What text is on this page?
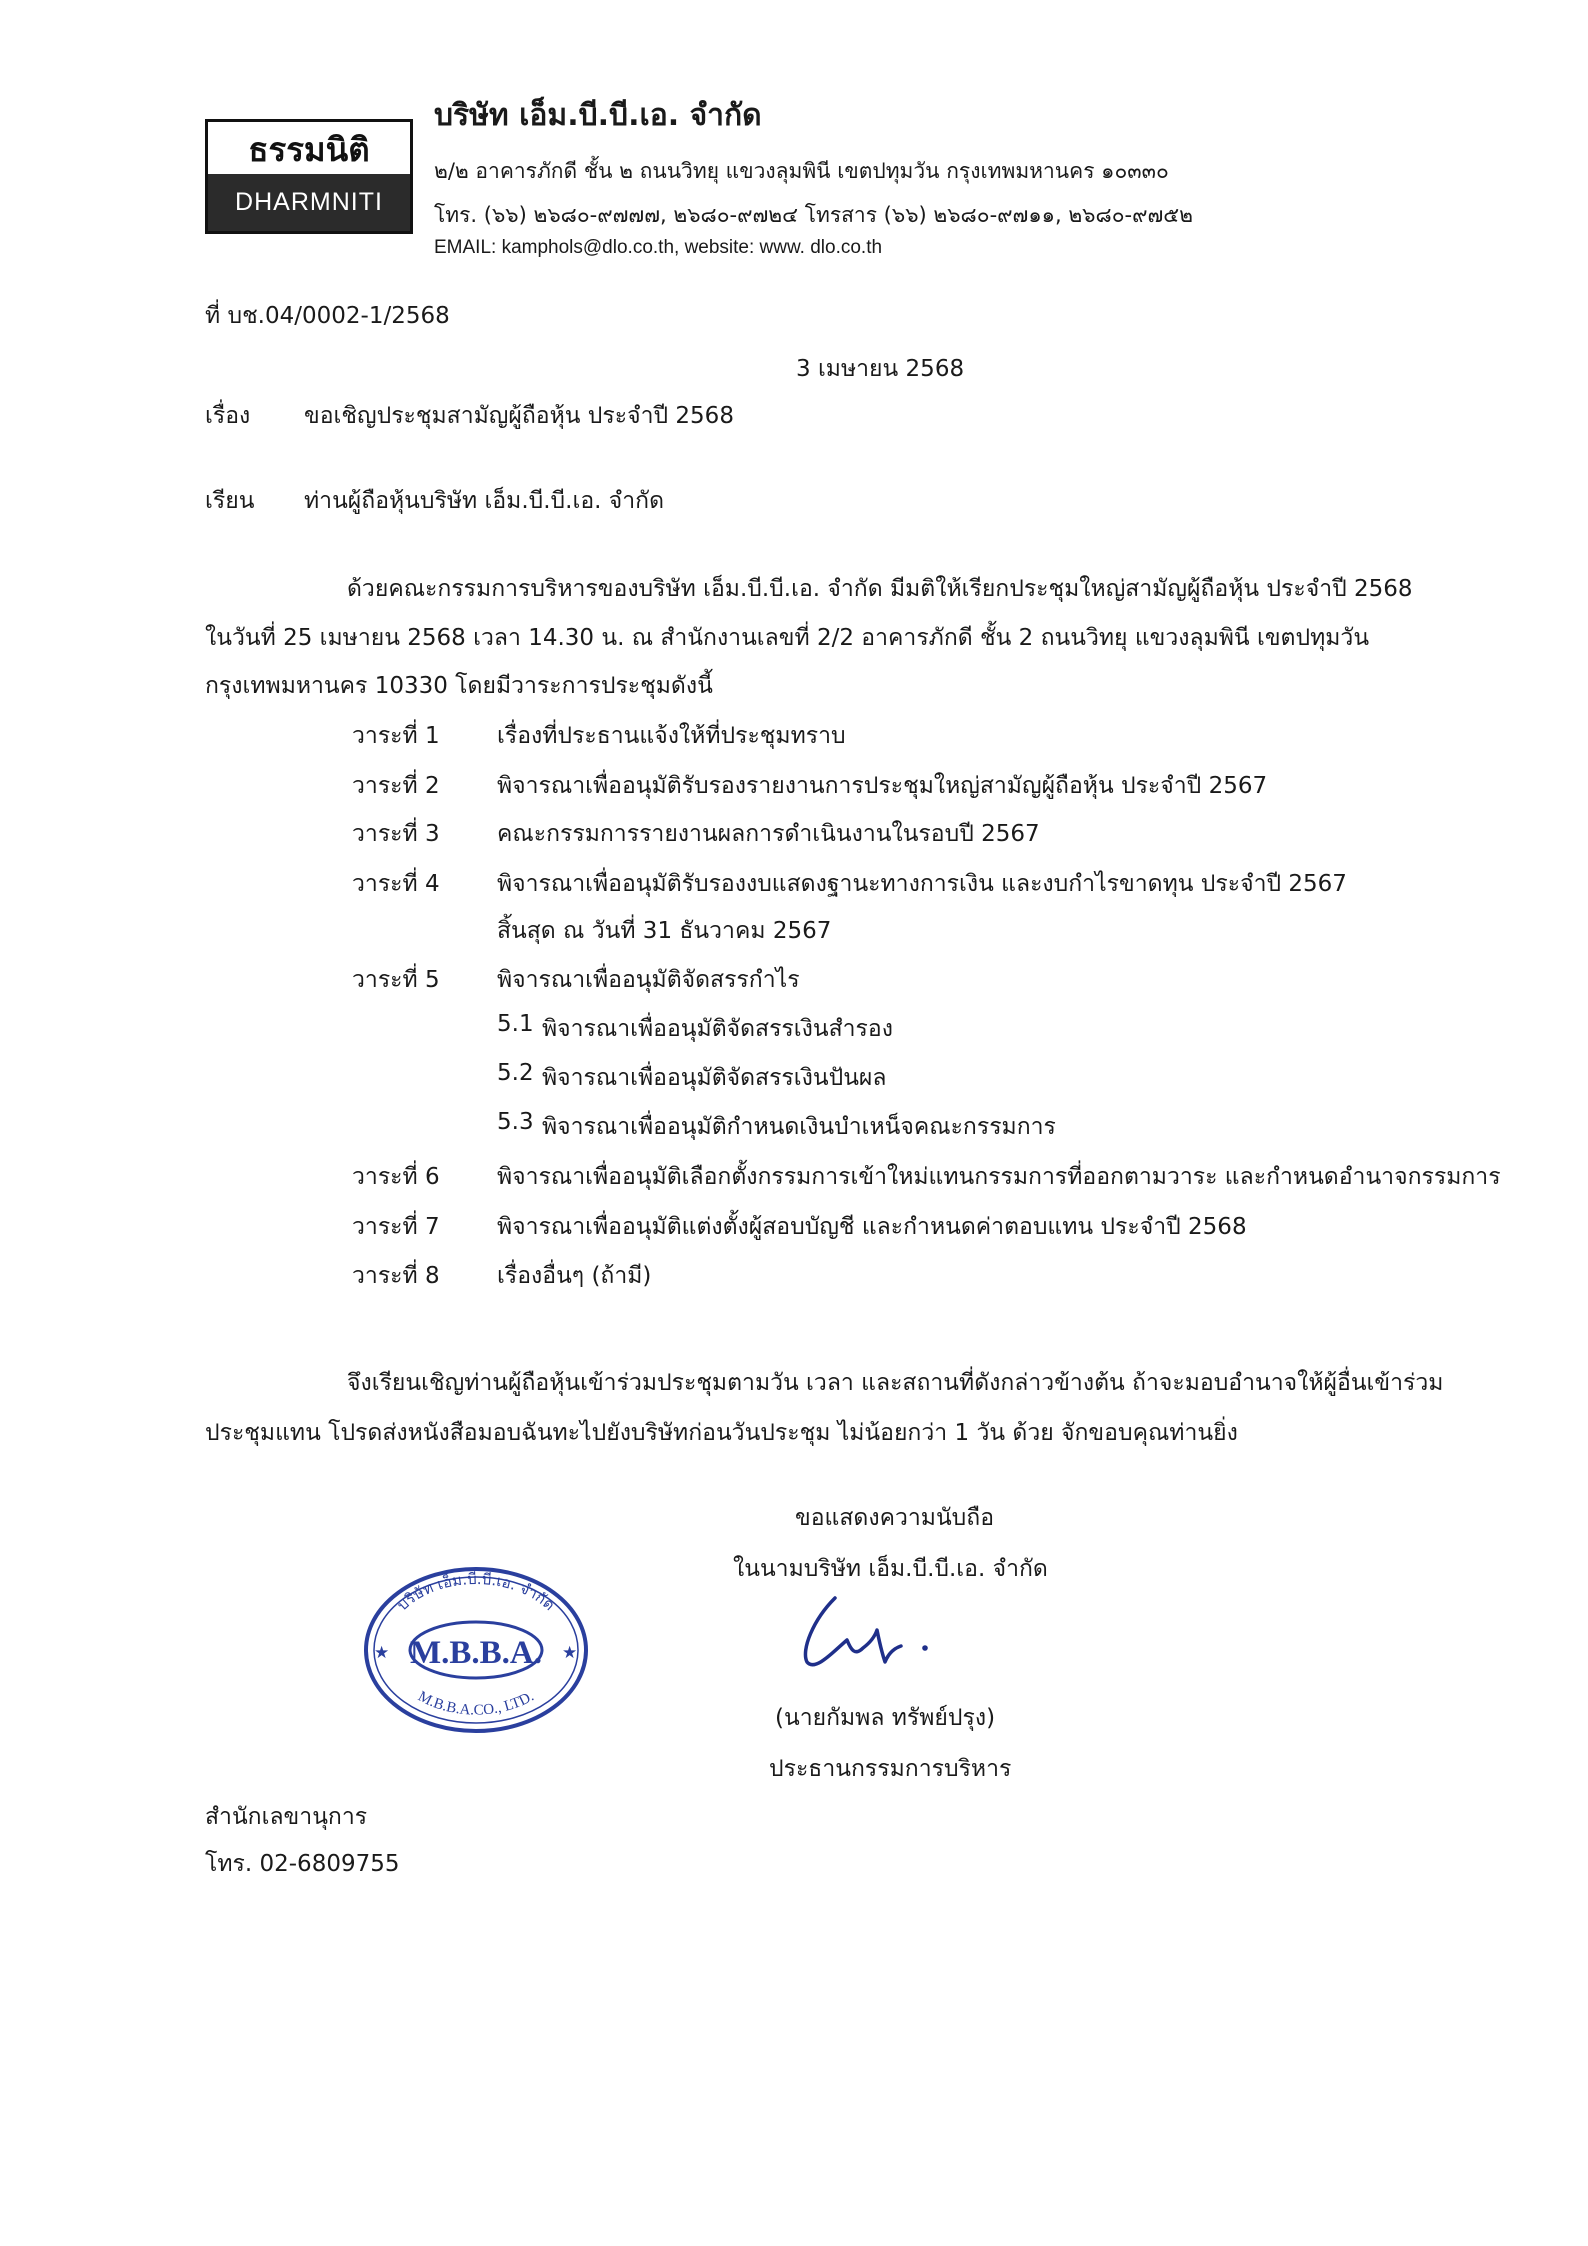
ธรรมนิติ
DHARMNITI
บริษัท เอ็ม.บี.บี.เอ. จำกัด
๒/๒ อาคารภักดี ชั้น ๒ ถนนวิทยุ แขวงลุมพินี เขตปทุมวัน กรุงเทพมหานคร ๑๐๓๓๐
โทร. (๖๖) ๒๖๘๐-๙๗๗๗, ๒๖๘๐-๙๗๒๔ โทรสาร (๖๖) ๒๖๘๐-๙๗๑๑, ๒๖๘๐-๙๗๕๒
EMAIL: kamphols@dlo.co.th, website: www. dlo.co.th
ที่ บช.04/0002-1/2568
3 เมษายน 2568
เรื่อง ขอเชิญประชุมสามัญผู้ถือหุ้น ประจำปี 2568
เรียน ท่านผู้ถือหุ้นบริษัท เอ็ม.บี.บี.เอ. จำกัด
ด้วยคณะกรรมการบริหารของบริษัท เอ็ม.บี.บี.เอ. จำกัด มีมติให้เรียกประชุมใหญ่สามัญผู้ถือหุ้น ประจำปี 2568
ในวันที่ 25 เมษายน 2568 เวลา 14.30 น. ณ สำนักงานเลขที่ 2/2 อาคารภักดี ชั้น 2 ถนนวิทยุ แขวงลุมพินี เขตปทุมวัน
กรุงเทพมหานคร 10330 โดยมีวาระการประชุมดังนี้
วาระที่ 1 เรื่องที่ประธานแจ้งให้ที่ประชุมทราบ
วาระที่ 2 พิจารณาเพื่ออนุมัติรับรองรายงานการประชุมใหญ่สามัญผู้ถือหุ้น ประจำปี 2567
วาระที่ 3 คณะกรรมการรายงานผลการดำเนินงานในรอบปี 2567
วาระที่ 4 พิจารณาเพื่ออนุมัติรับรองงบแสดงฐานะทางการเงิน และงบกำไรขาดทุน ประจำปี 2567
สิ้นสุด ณ วันที่ 31 ธันวาคม 2567
วาระที่ 5 พิจารณาเพื่ออนุมัติจัดสรรกำไร
5.1 พิจารณาเพื่ออนุมัติจัดสรรเงินสำรอง
5.2 พิจารณาเพื่ออนุมัติจัดสรรเงินปันผล
5.3 พิจารณาเพื่ออนุมัติกำหนดเงินบำเหน็จคณะกรรมการ
วาระที่ 6 พิจารณาเพื่ออนุมัติเลือกตั้งกรรมการเข้าใหม่แทนกรรมการที่ออกตามวาระ และกำหนดอำนาจกรรมการ
วาระที่ 7 พิจารณาเพื่ออนุมัติแต่งตั้งผู้สอบบัญชี และกำหนดค่าตอบแทน ประจำปี 2568
วาระที่ 8 เรื่องอื่นๆ (ถ้ามี)
จึงเรียนเชิญท่านผู้ถือหุ้นเข้าร่วมประชุมตามวัน เวลา และสถานที่ดังกล่าวข้างต้น ถ้าจะมอบอำนาจให้ผู้อื่นเข้าร่วม
ประชุมแทน โปรดส่งหนังสือมอบฉันทะไปยังบริษัทก่อนวันประชุม ไม่น้อยกว่า 1 วัน ด้วย จักขอบคุณท่านยิ่ง
ขอแสดงความนับถือ
ในนามบริษัท เอ็ม.บี.บี.เอ. จำกัด
(นายกัมพล ทรัพย์ปรุง)
ประธานกรรมการบริหาร
M.B.B.A.
★	★
บริษัท เอ็ม.บี.บี.เอ. จำกัด
M.B.B.A.CO., LTD.
สำนักเลขานุการ
โทร. 02-6809755
